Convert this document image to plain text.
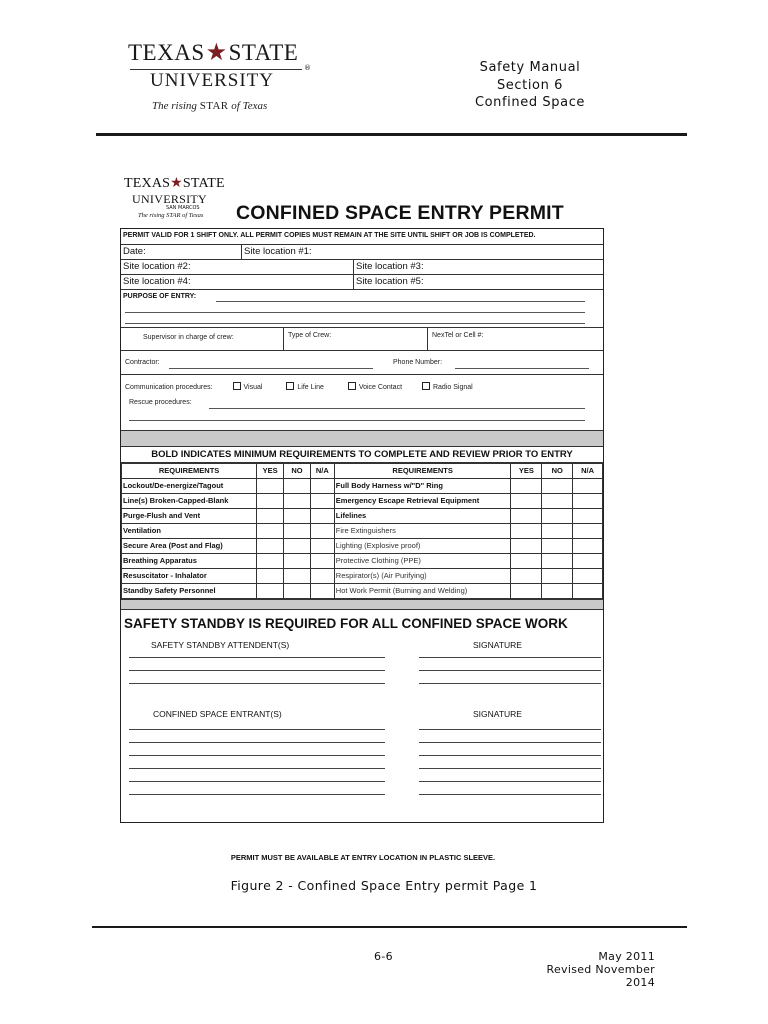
TEXAS ★ STATE
®
UNIVERSITY
The rising STAR of Texas
Safety Manual
Section 6
Confined Space
TEXAS ★ STATE
UNIVERSITY
SAN MARCOS
The rising STAR of Texas CONFINED SPACE ENTRY PERMIT
PERMIT VALID FOR 1 SHIFT ONLY. ALL PERMIT COPIES MUST REMAIN AT THE SITE UNTIL SHIFT OR JOB IS COMPLETED.
Date:	Site location #1:
Site location #2:	Site location #3:
Site location #4:	Site location #5:
PURPOSE OF ENTRY:
Supervisor in charge of crew:	Type of Crew:	NexTel or Cell #:
Contractor:	Phone Number:
Communication procedures:	Visual	Life Line	Voice Contact	Radio Signal
Rescue procedures:
BOLD INDICATES MINIMUM REQUIREMENTS TO COMPLETE AND REVIEW PRIOR TO ENTRY
REQUIREMENTS	YES	NO	N/A	REQUIREMENTS	YES	NO	N/A
Lockout/De-energize/Tagout				Full Body Harness w/"D" Ring			
Line(s) Broken-Capped-Blank				Emergency Escape Retrieval Equipment			
Purge-Flush and Vent				Lifelines			
Ventilation				Fire Extinguishers			
Secure Area (Post and Flag)				Lighting (Explosive proof)			
Breathing Apparatus				Protective Clothing (PPE)			
Resuscitator - Inhalator				Respirator(s) (Air Purifying)			
Standby Safety Personnel				Hot Work Permit (Burning and Welding)			
SAFETY STANDBY IS REQUIRED FOR ALL CONFINED SPACE WORK
SAFETY STANDBY ATTENDENT(S)	SIGNATURE
CONFINED SPACE ENTRANT(S)	SIGNATURE
PERMIT MUST BE AVAILABLE AT ENTRY LOCATION IN PLASTIC SLEEVE.
Figure 2 - Confined Space Entry permit Page 1
6-6	May 2011
Revised November 2014
